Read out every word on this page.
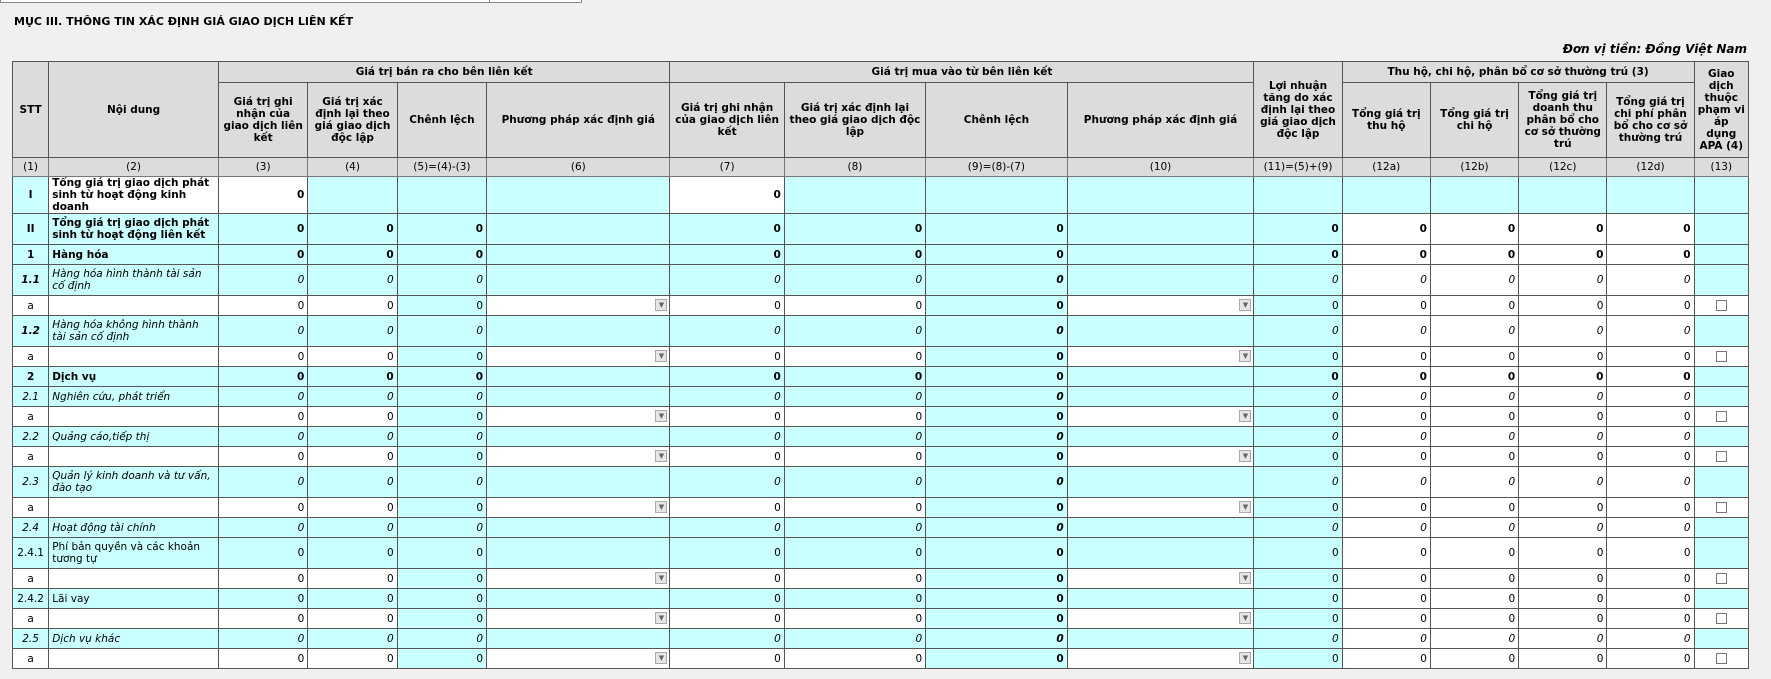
MỤC III. THÔNG TIN XÁC ĐỊNH GIÁ GIAO DỊCH LIÊN KẾT
Đơn vị tiền: Đồng Việt Nam
STT	Nội dung	Giá trị bán ra cho bên liên kết				Giá trị mua vào từ bên liên kết				Lợi nhuận tăng do xác định lại theo giá giao dịch độc lập	Thu hộ, chi hộ, phân bổ cơ sở thường trú (3)				Giao dịch thuộc phạm vi áp dụng APA (4)
		Giá trị ghi nhận của giao dịch liên kết	Giá trị xác định lại theo giá giao dịch độc lập	Chênh lệch	Phương pháp xác định giá	Giá trị ghi nhận của giao dịch liên kết	Giá trị xác định lại theo giá giao dịch độc lập	Chênh lệch	Phương pháp xác định giá		Tổng giá trị thu hộ	Tổng giá trị chi hộ	Tổng giá trị doanh thu phân bổ cho cơ sở thường trú	Tổng giá trị chi phí phân bổ cho cơ sở thường trú	
(1)	(2)	(3)	(4)	(5)=(4)-(3)	(6)	(7)	(8)	(9)=(8)-(7)	(10)	(11)=(5)+(9)	(12a)	(12b)	(12c)	(12d)	(13)
I	Tổng giá trị giao dịch phát sinh từ hoạt động kinh doanh	0				0									
II	Tổng giá trị giao dịch phát sinh từ hoạt động liên kết	0	0	0		0	0	0		0	0	0	0	0	
1	Hàng hóa	0	0	0		0	0	0		0	0	0	0	0	
1.1	Hàng hóa hình thành tài sản cố định	0	0	0		0	0	0		0	0	0	0	0	
a		0	0	0	▼	0	0	0	▼	0	0	0	0	0	
1.2	Hàng hóa không hình thành tài sản cố định	0	0	0		0	0	0		0	0	0	0	0	
a		0	0	0	▼	0	0	0	▼	0	0	0	0	0	
2	Dịch vụ	0	0	0		0	0	0		0	0	0	0	0	
2.1	Nghiên cứu, phát triển	0	0	0		0	0	0		0	0	0	0	0	
a		0	0	0	▼	0	0	0	▼	0	0	0	0	0	
2.2	Quảng cáo,tiếp thị	0	0	0		0	0	0		0	0	0	0	0	
a		0	0	0	▼	0	0	0	▼	0	0	0	0	0	
2.3	Quản lý kinh doanh và tư vấn, đào tạo	0	0	0		0	0	0		0	0	0	0	0	
a		0	0	0	▼	0	0	0	▼	0	0	0	0	0	
2.4	Hoạt động tài chính	0	0	0		0	0	0		0	0	0	0	0	
2.4.1	Phí bản quyền và các khoản tương tự	0	0	0		0	0	0		0	0	0	0	0	
a		0	0	0	▼	0	0	0	▼	0	0	0	0	0	
2.4.2	Lãi vay	0	0	0		0	0	0		0	0	0	0	0	
a		0	0	0	▼	0	0	0	▼	0	0	0	0	0	
2.5	Dịch vụ khác	0	0	0		0	0	0		0	0	0	0	0	
a		0	0	0	▼	0	0	0	▼	0	0	0	0	0	
